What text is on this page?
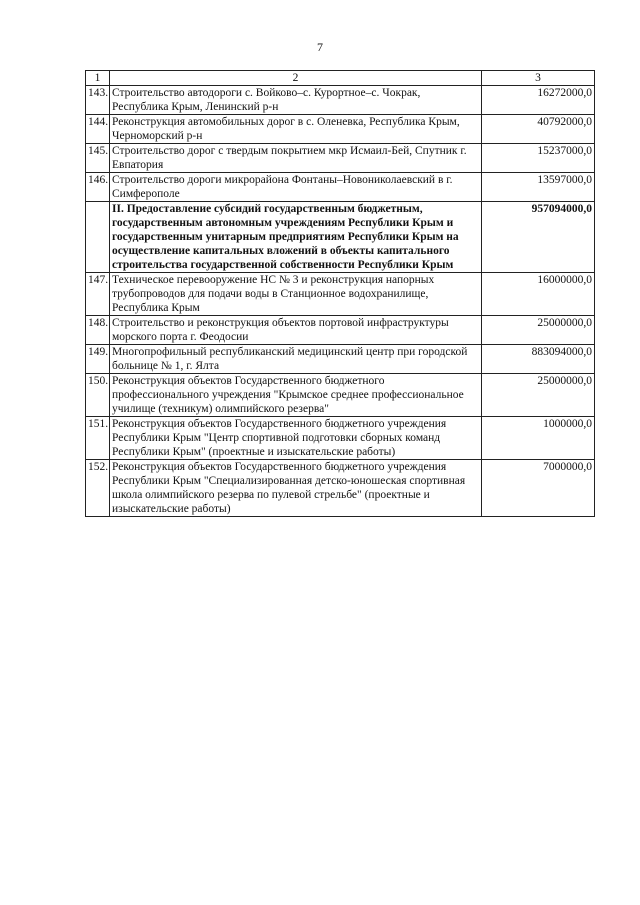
7
1	2	3
143.	Строительство автодороги с. Войково–с. Курортное–с. Чокрак, Республика Крым, Ленинский р-н	16272000,0
144.	Реконструкция автомобильных дорог в с. Оленевка, Республика Крым, Черноморский р-н	40792000,0
145.	Строительство дорог с твердым покрытием мкр Исмаил-Бей, Спутник г. Евпатория	15237000,0
146.	Строительство дороги микрорайона Фонтаны–Новониколаевский в г. Симферополе	13597000,0
	II. Предоставление субсидий государственным бюджетным, государственным автономным учреждениям Республики Крым и государственным унитарным предприятиям Республики Крым на осуществление капитальных вложений в объекты капитального строительства государственной собственности Республики Крым	957094000,0
147.	Техническое перевооружение НС № 3 и реконструкция напорных трубопроводов для подачи воды в Станционное водохранилище, Республика Крым	16000000,0
148.	Строительство и реконструкция объектов портовой инфраструктуры морского порта г. Феодосии	25000000,0
149.	Многопрофильный республиканский медицинский центр при городской больнице № 1, г. Ялта	883094000,0
150.	Реконструкция объектов Государственного бюджетного профессионального учреждения "Крымское среднее профессиональное училище (техникум) олимпийского резерва"	25000000,0
151.	Реконструкция объектов Государственного бюджетного учреждения Республики Крым "Центр спортивной подготовки сборных команд Республики Крым" (проектные и изыскательские работы)	1000000,0
152.	Реконструкция объектов Государственного бюджетного учреждения Республики Крым "Специализированная детско-юношеская спортивная школа олимпийского резерва по пулевой стрельбе" (проектные и изыскательские работы)	7000000,0
